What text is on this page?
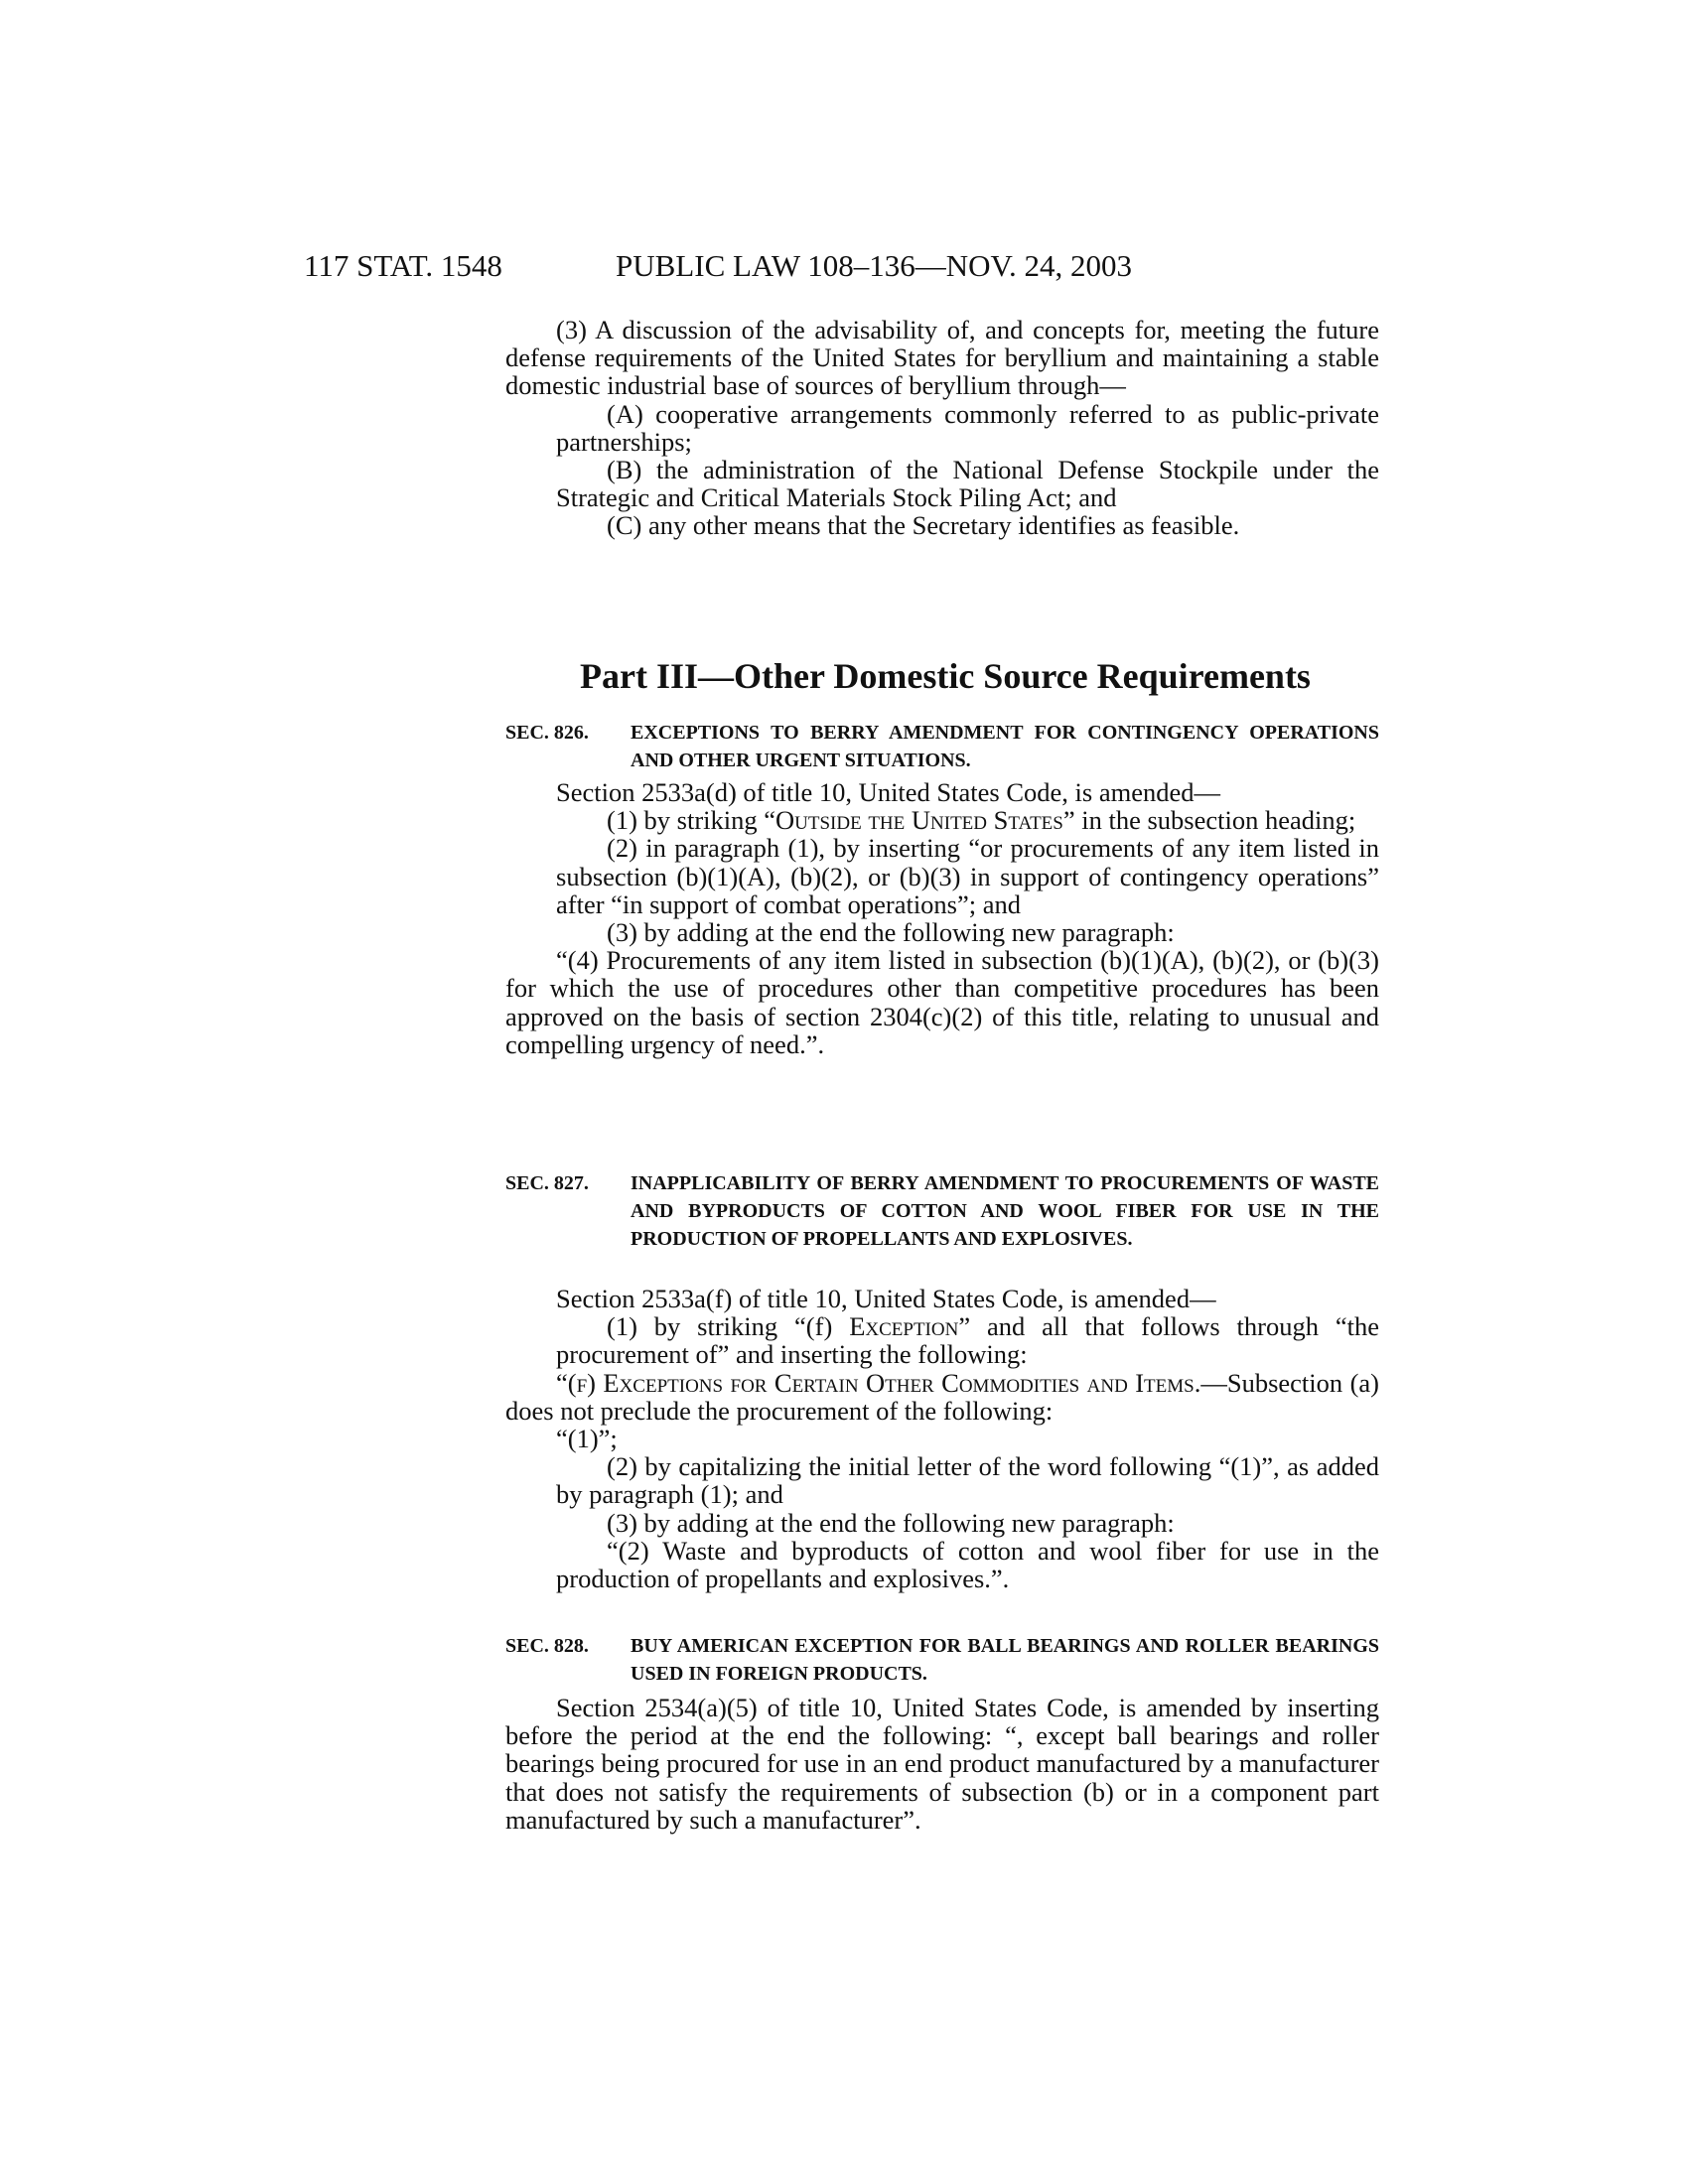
117 STAT. 1548	PUBLIC LAW 108–136—NOV. 24, 2003

(3) A discussion of the advisability of, and concepts for, meeting the future defense requirements of the United States for beryllium and maintaining a stable domestic industrial base of sources of beryllium through—

(A) cooperative arrangements commonly referred to as public-private partnerships;

(B) the administration of the National Defense Stockpile under the Strategic and Critical Materials Stock Piling Act; and

(C) any other means that the Secretary identifies as feasible.

Part III—Other Domestic Source Requirements
SEC. 826.	EXCEPTIONS TO BERRY AMENDMENT FOR CONTINGENCY OPERATIONS AND OTHER URGENT SITUATIONS.

Section 2533a(d) of title 10, United States Code, is amended—

(1) by striking “Outside the United States” in the subsection heading;

(2) in paragraph (1), by inserting “or procurements of any item listed in subsection (b)(1)(A), (b)(2), or (b)(3) in support of contingency operations” after “in support of combat operations”; and

(3) by adding at the end the following new paragraph:

“(4) Procurements of any item listed in subsection (b)(1)(A), (b)(2), or (b)(3) for which the use of procedures other than competitive procedures has been approved on the basis of section 2304(c)(2) of this title, relating to unusual and compelling urgency of need.”.

SEC. 827.	INAPPLICABILITY OF BERRY AMENDMENT TO PROCUREMENTS OF WASTE AND BYPRODUCTS OF COTTON AND WOOL FIBER FOR USE IN THE PRODUCTION OF PROPELLANTS AND EXPLOSIVES.

Section 2533a(f) of title 10, United States Code, is amended—

(1) by striking “(f) Exception” and all that follows through “the procurement of” and inserting the following:

“(f) Exceptions for Certain Other Commodities and Items.—Subsection (a) does not preclude the procurement of the following:

“(1)”;

(2) by capitalizing the initial letter of the word following “(1)”, as added by paragraph (1); and

(3) by adding at the end the following new paragraph:

“(2) Waste and byproducts of cotton and wool fiber for use in the production of propellants and explosives.”.

SEC. 828.	BUY AMERICAN EXCEPTION FOR BALL BEARINGS AND ROLLER BEARINGS USED IN FOREIGN PRODUCTS.

Section 2534(a)(5) of title 10, United States Code, is amended by inserting before the period at the end the following: “, except ball bearings and roller bearings being procured for use in an end product manufactured by a manufacturer that does not satisfy the requirements of subsection (b) or in a component part manufactured by such a manufacturer”.
